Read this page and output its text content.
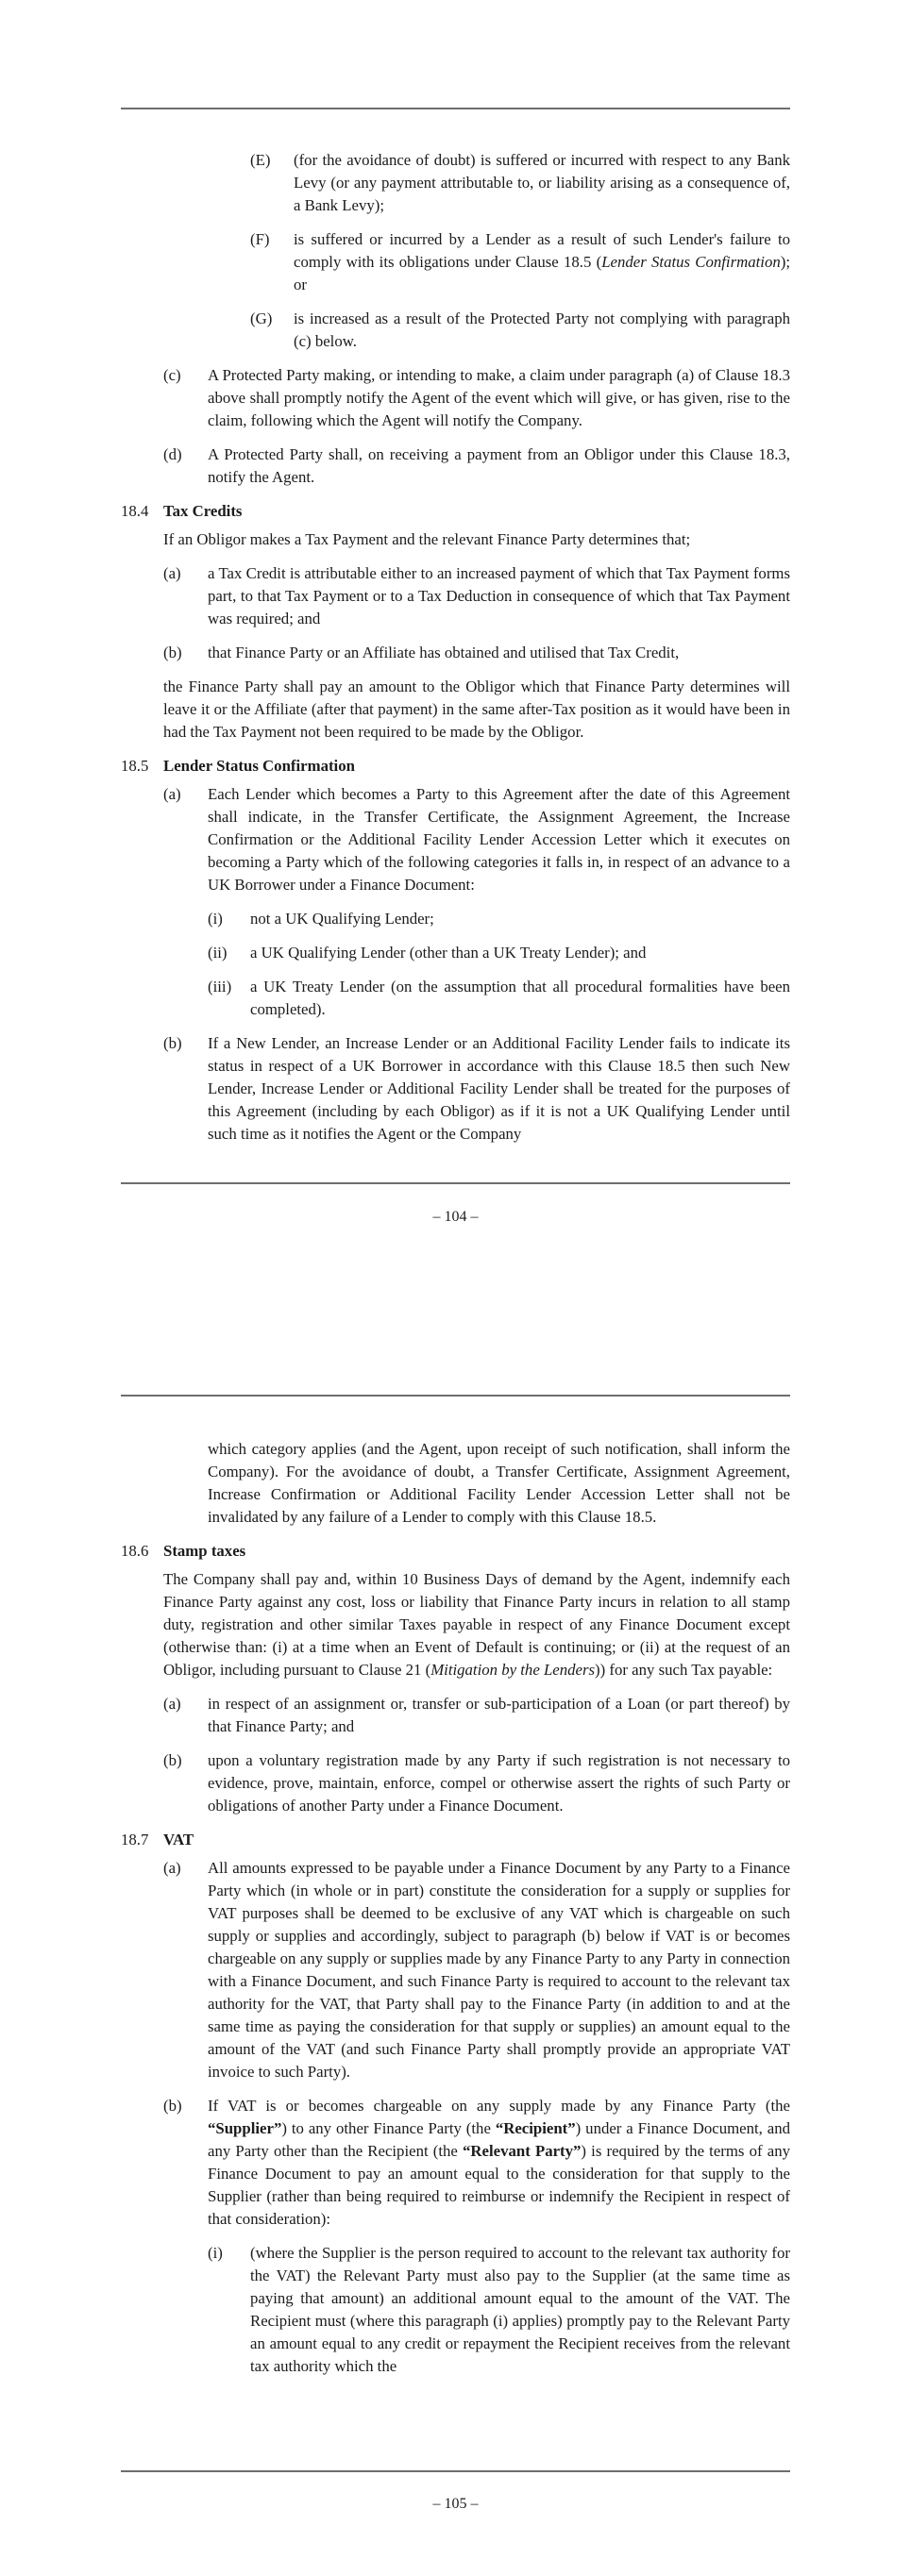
(E)	(for the avoidance of doubt) is suffered or incurred with respect to any Bank Levy (or any payment attributable to, or liability arising as a consequence of, a Bank Levy);
(F)	is suffered or incurred by a Lender as a result of such Lender's failure to comply with its obligations under Clause 18.5 (Lender Status Confirmation); or
(G)	is increased as a result of the Protected Party not complying with paragraph (c) below.
(c)	A Protected Party making, or intending to make, a claim under paragraph (a) of Clause 18.3 above shall promptly notify the Agent of the event which will give, or has given, rise to the claim, following which the Agent will notify the Company.
(d)	A Protected Party shall, on receiving a payment from an Obligor under this Clause 18.3, notify the Agent.
18.4 Tax Credits
If an Obligor makes a Tax Payment and the relevant Finance Party determines that;
(a)	a Tax Credit is attributable either to an increased payment of which that Tax Payment forms part, to that Tax Payment or to a Tax Deduction in consequence of which that Tax Payment was required; and
(b)	that Finance Party or an Affiliate has obtained and utilised that Tax Credit,
the Finance Party shall pay an amount to the Obligor which that Finance Party determines will leave it or the Affiliate (after that payment) in the same after-Tax position as it would have been in had the Tax Payment not been required to be made by the Obligor.
18.5 Lender Status Confirmation
(a)	Each Lender which becomes a Party to this Agreement after the date of this Agreement shall indicate, in the Transfer Certificate, the Assignment Agreement, the Increase Confirmation or the Additional Facility Lender Accession Letter which it executes on becoming a Party which of the following categories it falls in, in respect of an advance to a UK Borrower under a Finance Document:
(i)	not a UK Qualifying Lender;
(ii)	a UK Qualifying Lender (other than a UK Treaty Lender); and
(iii)	a UK Treaty Lender (on the assumption that all procedural formalities have been completed).
(b)	If a New Lender, an Increase Lender or an Additional Facility Lender fails to indicate its status in respect of a UK Borrower in accordance with this Clause 18.5 then such New Lender, Increase Lender or Additional Facility Lender shall be treated for the purposes of this Agreement (including by each Obligor) as if it is not a UK Qualifying Lender until such time as it notifies the Agent or the Company
– 104 –
which category applies (and the Agent, upon receipt of such notification, shall inform the Company). For the avoidance of doubt, a Transfer Certificate, Assignment Agreement, Increase Confirmation or Additional Facility Lender Accession Letter shall not be invalidated by any failure of a Lender to comply with this Clause 18.5.
18.6 Stamp taxes
The Company shall pay and, within 10 Business Days of demand by the Agent, indemnify each Finance Party against any cost, loss or liability that Finance Party incurs in relation to all stamp duty, registration and other similar Taxes payable in respect of any Finance Document except (otherwise than: (i) at a time when an Event of Default is continuing; or (ii) at the request of an Obligor, including pursuant to Clause 21 (Mitigation by the Lenders)) for any such Tax payable:
(a)	in respect of an assignment or, transfer or sub-participation of a Loan (or part thereof) by that Finance Party; and
(b)	upon a voluntary registration made by any Party if such registration is not necessary to evidence, prove, maintain, enforce, compel or otherwise assert the rights of such Party or obligations of another Party under a Finance Document.
18.7 VAT
(a)	All amounts expressed to be payable under a Finance Document by any Party to a Finance Party which (in whole or in part) constitute the consideration for a supply or supplies for VAT purposes shall be deemed to be exclusive of any VAT which is chargeable on such supply or supplies and accordingly, subject to paragraph (b) below if VAT is or becomes chargeable on any supply or supplies made by any Finance Party to any Party in connection with a Finance Document, and such Finance Party is required to account to the relevant tax authority for the VAT, that Party shall pay to the Finance Party (in addition to and at the same time as paying the consideration for that supply or supplies) an amount equal to the amount of the VAT (and such Finance Party shall promptly provide an appropriate VAT invoice to such Party).
(b)	If VAT is or becomes chargeable on any supply made by any Finance Party (the “Supplier”) to any other Finance Party (the “Recipient”) under a Finance Document, and any Party other than the Recipient (the “Relevant Party”) is required by the terms of any Finance Document to pay an amount equal to the consideration for that supply to the Supplier (rather than being required to reimburse or indemnify the Recipient in respect of that consideration):
(i)	(where the Supplier is the person required to account to the relevant tax authority for the VAT) the Relevant Party must also pay to the Supplier (at the same time as paying that amount) an additional amount equal to the amount of the VAT. The Recipient must (where this paragraph (i) applies) promptly pay to the Relevant Party an amount equal to any credit or repayment the Recipient receives from the relevant tax authority which the
– 105 –
